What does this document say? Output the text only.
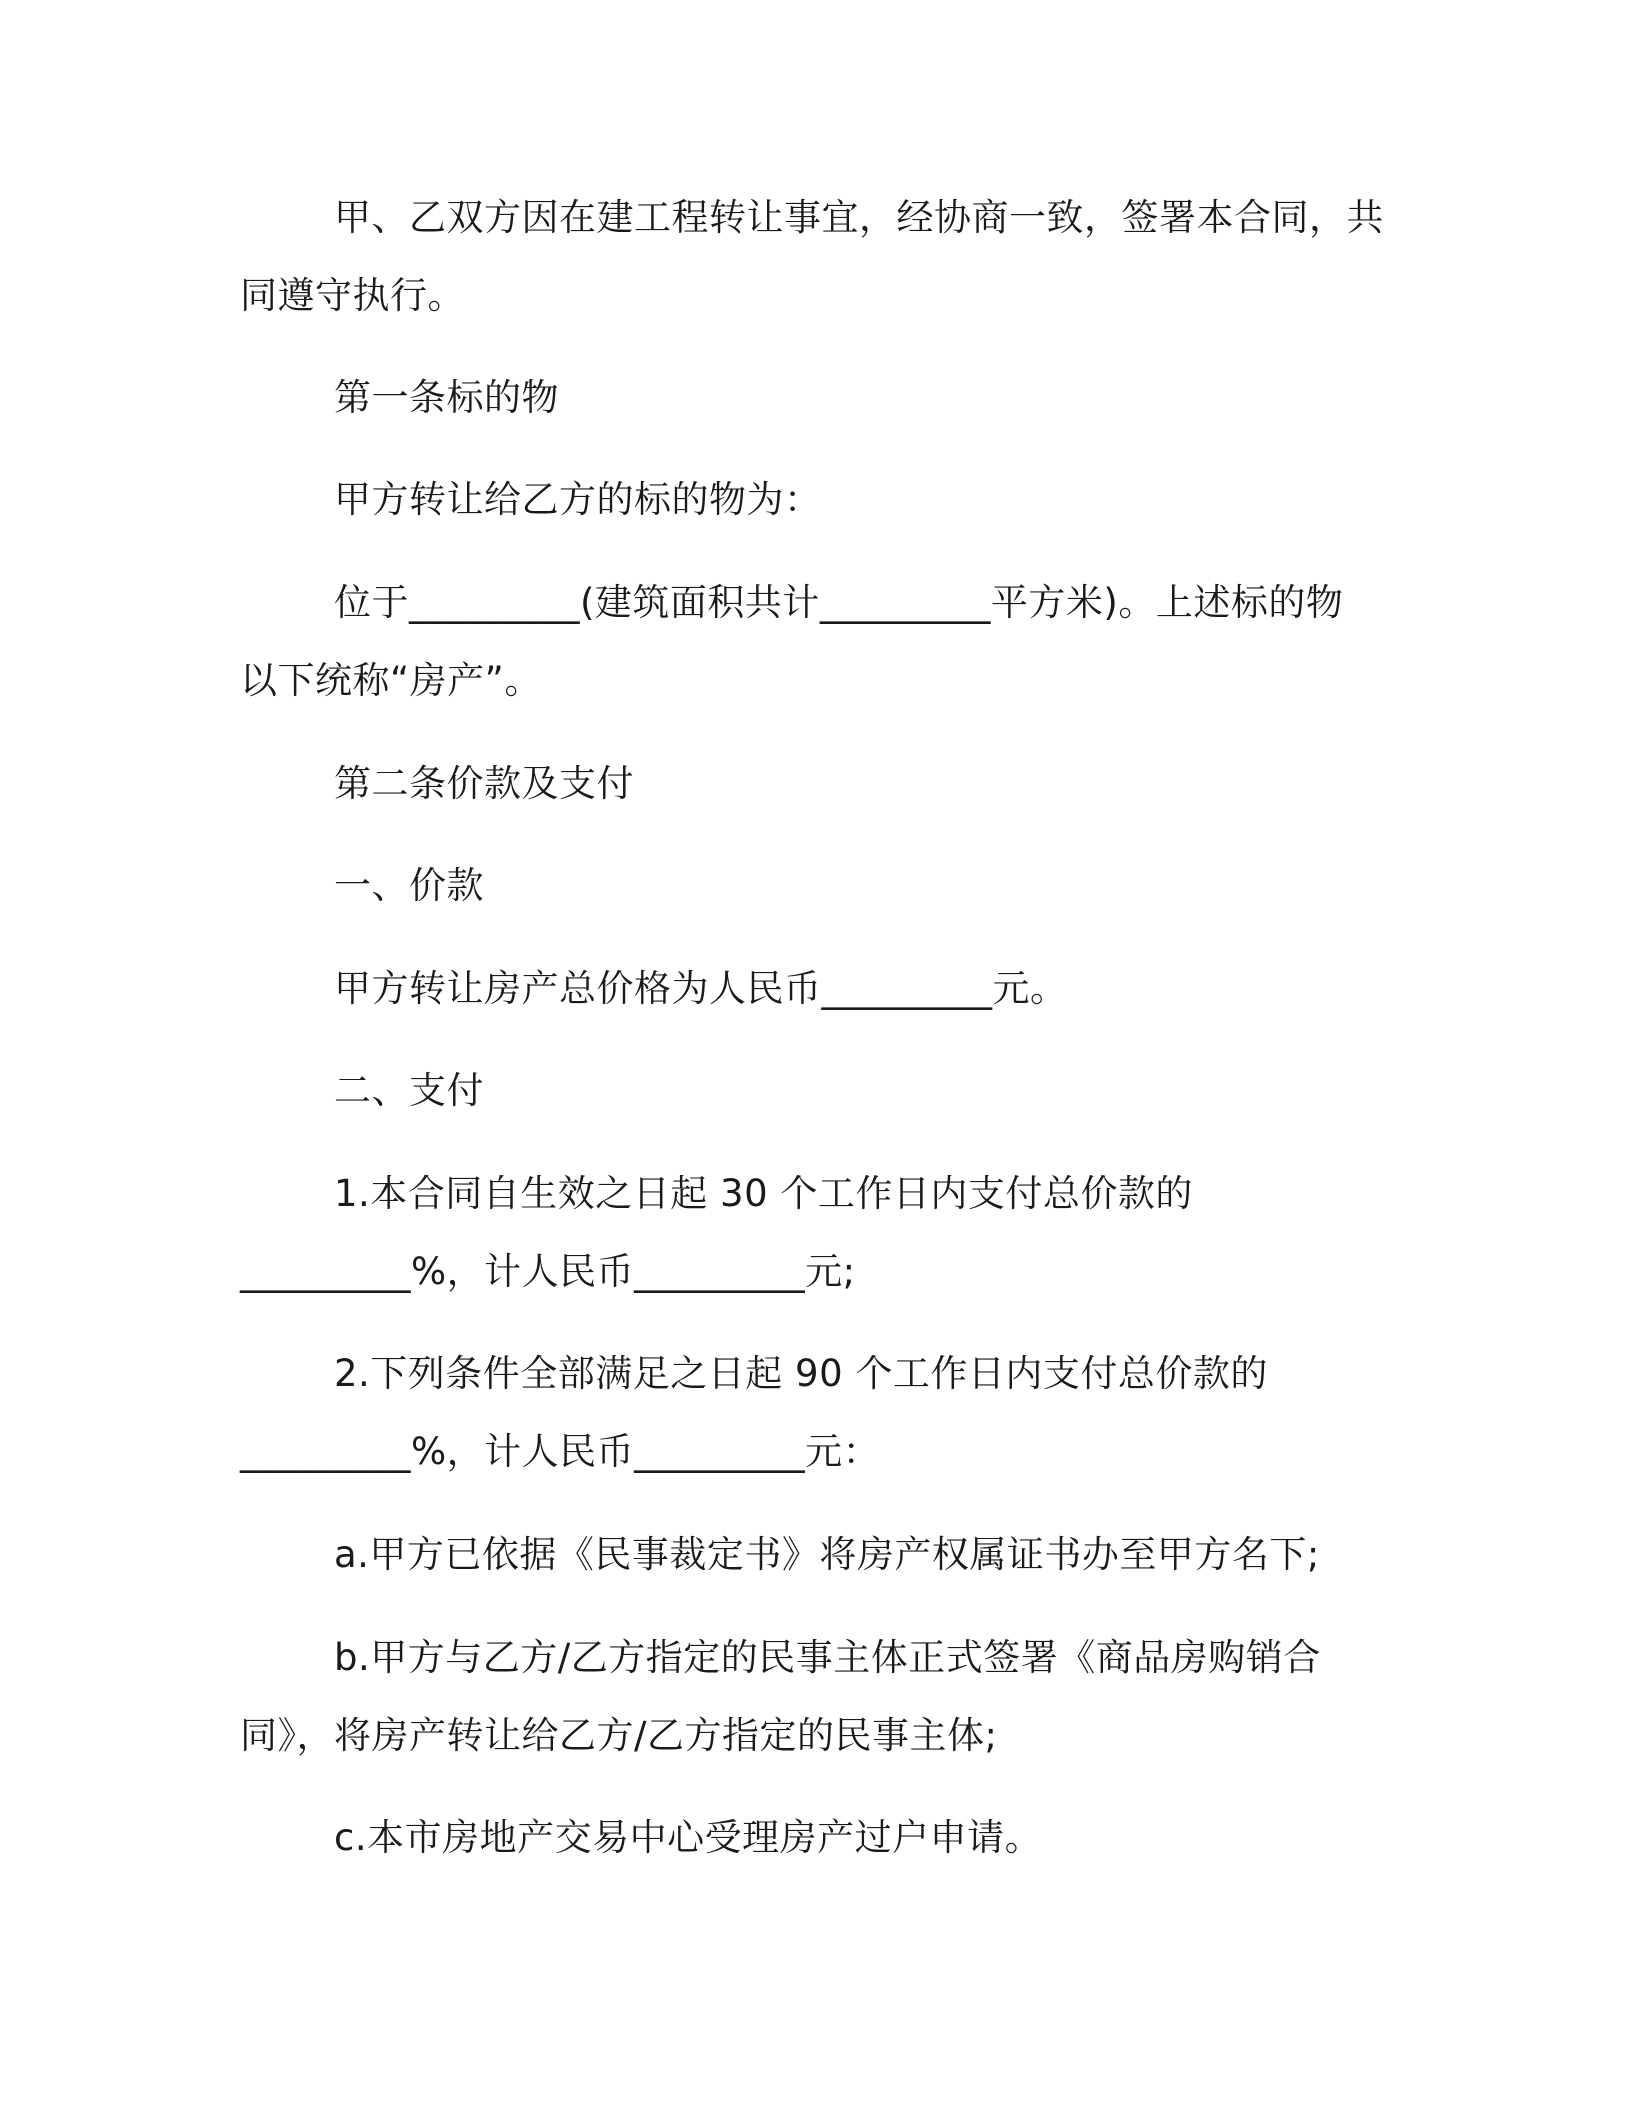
甲、乙双方因在建工程转让事宜，经协商一致，签署本合同，共
同遵守执行。
第一条标的物
甲方转让给乙方的标的物为：
位于_________(建筑面积共计_________平方米)。上述标的物
以下统称“房产”。
第二条价款及支付
一、价款
甲方转让房产总价格为人民币_________元。
二、支付
1.本合同自生效之日起 30 个工作日内支付总价款的
_________%，计人民币_________元;
2.下列条件全部满足之日起 90 个工作日内支付总价款的
_________%，计人民币_________元：
a.甲方已依据《民事裁定书》将房产权属证书办至甲方名下;
b.甲方与乙方/乙方指定的民事主体正式签署《商品房购销合
同》，将房产转让给乙方/乙方指定的民事主体;
c.本市房地产交易中心受理房产过户申请。
